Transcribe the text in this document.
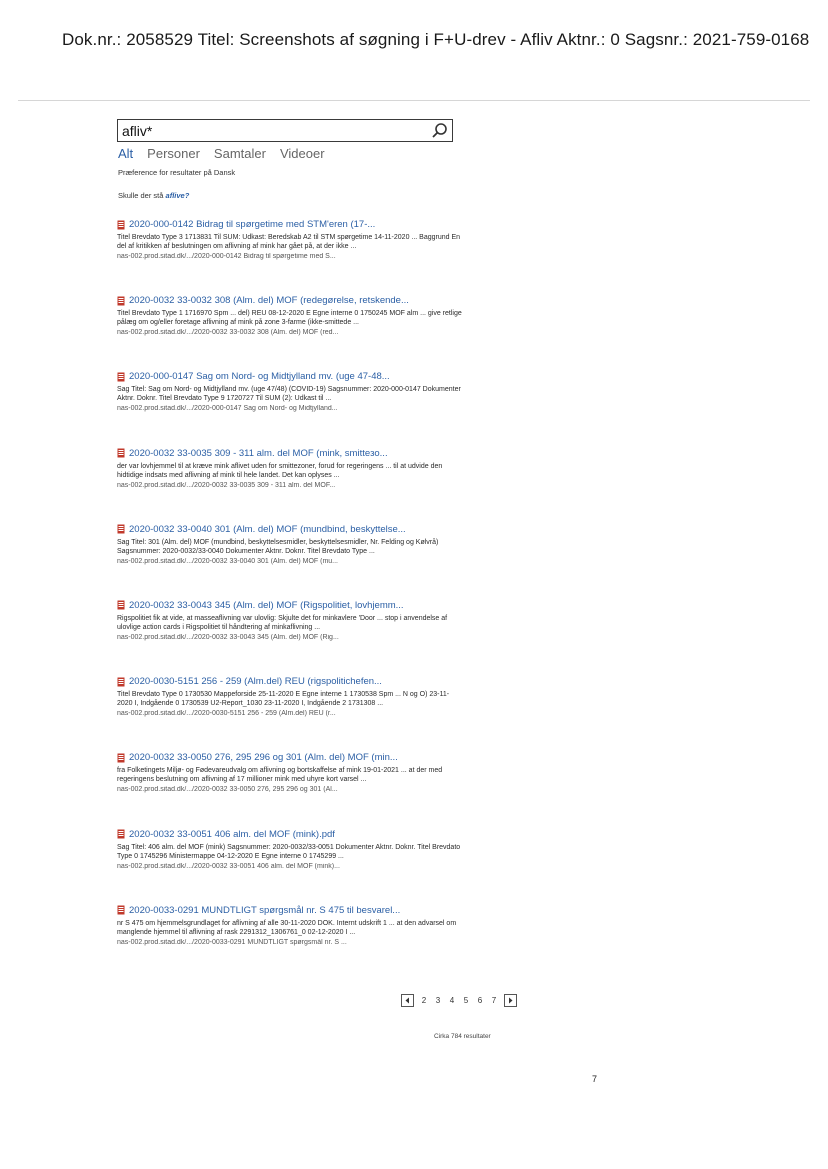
Dok.nr.: 2058529 Titel: Screenshots af søgning i F+U-drev - Afliv Aktnr.: 0 Sagsnr.: 2021-759-0168
afliv*
Alt Personer Samtaler Videoer
Præference for resultater på Dansk
Skulle der stå aflive?
2020-000-0142 Bidrag til spørgetime med STM'eren (17-...
Titel Brevdato Type 3 1713831 Til SUM: Udkast: Beredskab A2 til STM spørgetime 14-11-2020 ... Baggrund En del af kritikken af beslutningen om aflivning af mink har gået på, at der ikke ...
nas-002.prod.sitad.dk/.../2020-000-0142 Bidrag til spørgetime med S...
2020-0032 33-0032 308 (Alm. del) MOF (redegørelse, retskende...
Titel Brevdato Type 1 1716970 Spm ... del) REU 08-12-2020 E Egne interne 0 1750245 MOF alm ... give retlige pålæg om og/eller foretage aflivning af mink på zone 3-farme (ikke-smittede ...
nas-002.prod.sitad.dk/.../2020-0032 33-0032 308 (Alm. del) MOF (red...
2020-000-0147 Sag om Nord- og Midtjylland mv. (uge 47-48...
Sag Titel: Sag om Nord- og Midtjylland mv. (uge 47/48) (COVID-19) Sagsnummer: 2020-000-0147 Dokumenter Aktnr. Doknr. Titel Brevdato Type 9 1720727 Til SUM (2): Udkast til ...
nas-002.prod.sitad.dk/.../2020-000-0147 Sag om Nord- og Midtjylland...
2020-0032 33-0035 309 - 311 alm. del MOF (mink, smitteзо...
der var lovhjemmel til at kræve mink aflivet uden for smittezoner, forud for regeringens ... til at udvide den hidtidige indsats med aflivning af mink til hele landet. Det kan oplyses ...
nas-002.prod.sitad.dk/.../2020-0032 33-0035 309 - 311 alm. del MOF...
2020-0032 33-0040 301 (Alm. del) MOF (mundbind, beskyttelse...
Sag Titel: 301 (Alm. del) MOF (mundbind, beskyttelsesmidler, beskyttelsesmidler, Nr. Felding og Kølvrå) Sagsnummer: 2020-0032/33-0040 Dokumenter Aktnr. Doknr. Titel Brevdato Type ...
nas-002.prod.sitad.dk/.../2020-0032 33-0040 301 (Alm. del) MOF (mu...
2020-0032 33-0043 345 (Alm. del) MOF (Rigspolitiet, lovhjemm...
Rigspolitiet fik at vide, at masseaflivning var ulovlig: Skjulte det for minkavlere 'Door ... stop i anvendelse af ulovlige action cards i Rigspolitiet til håndtering af minkaflivning ...
nas-002.prod.sitad.dk/.../2020-0032 33-0043 345 (Alm. del) MOF (Rig...
2020-0030-5151 256 - 259 (Alm.del) REU (rigspolitichefen...
Titel Brevdato Type 0 1730530 Mappeforside 25-11-2020 E Egne interne 1 1730538 Spm ... N og O) 23-11-2020 I, Indgående 0 1730539 U2-Report_1030 23-11-2020 I, Indgående 2 1731308 ...
nas-002.prod.sitad.dk/.../2020-0030-5151 256 - 259 (Alm.del) REU (r...
2020-0032 33-0050 276, 295 296 og 301 (Alm. del) MOF (min...
fra Folketingets Miljø- og Fødevareudvalg om aflivning og bortskaffelse af mink 19-01-2021 ... at der med regeringens beslutning om aflivning af 17 millioner mink med uhyre kort varsel ...
nas-002.prod.sitad.dk/.../2020-0032 33-0050 276, 295 296 og 301 (Al...
2020-0032 33-0051 406 alm. del MOF (mink).pdf
Sag Titel: 406 alm. del MOF (mink) Sagsnummer: 2020-0032/33-0051 Dokumenter Aktnr. Doknr. Titel Brevdato Type 0 1745296 Ministermappe 04-12-2020 E Egne interne 0 1745299 ...
nas-002.prod.sitad.dk/.../2020-0032 33-0051 406 alm. del MOF (mink)...
2020-0033-0291 MUNDTLIGT spørgsmål nr. S 475 til besvarel...
nr S 475 om hjemmelsgrundlaget for aflivning af alle 30-11-2020 DOK. Internt udskrift 1 ... at den advarsel om manglende hjemmel til aflivning af rask 2291312_1306761_0 02-12-2020 I ...
nas-002.prod.sitad.dk/.../2020-0033-0291 MUNDTLIGT spørgsmål nr. S ...
2 3 4 5 6 7
Cirka 784 resultater
7
